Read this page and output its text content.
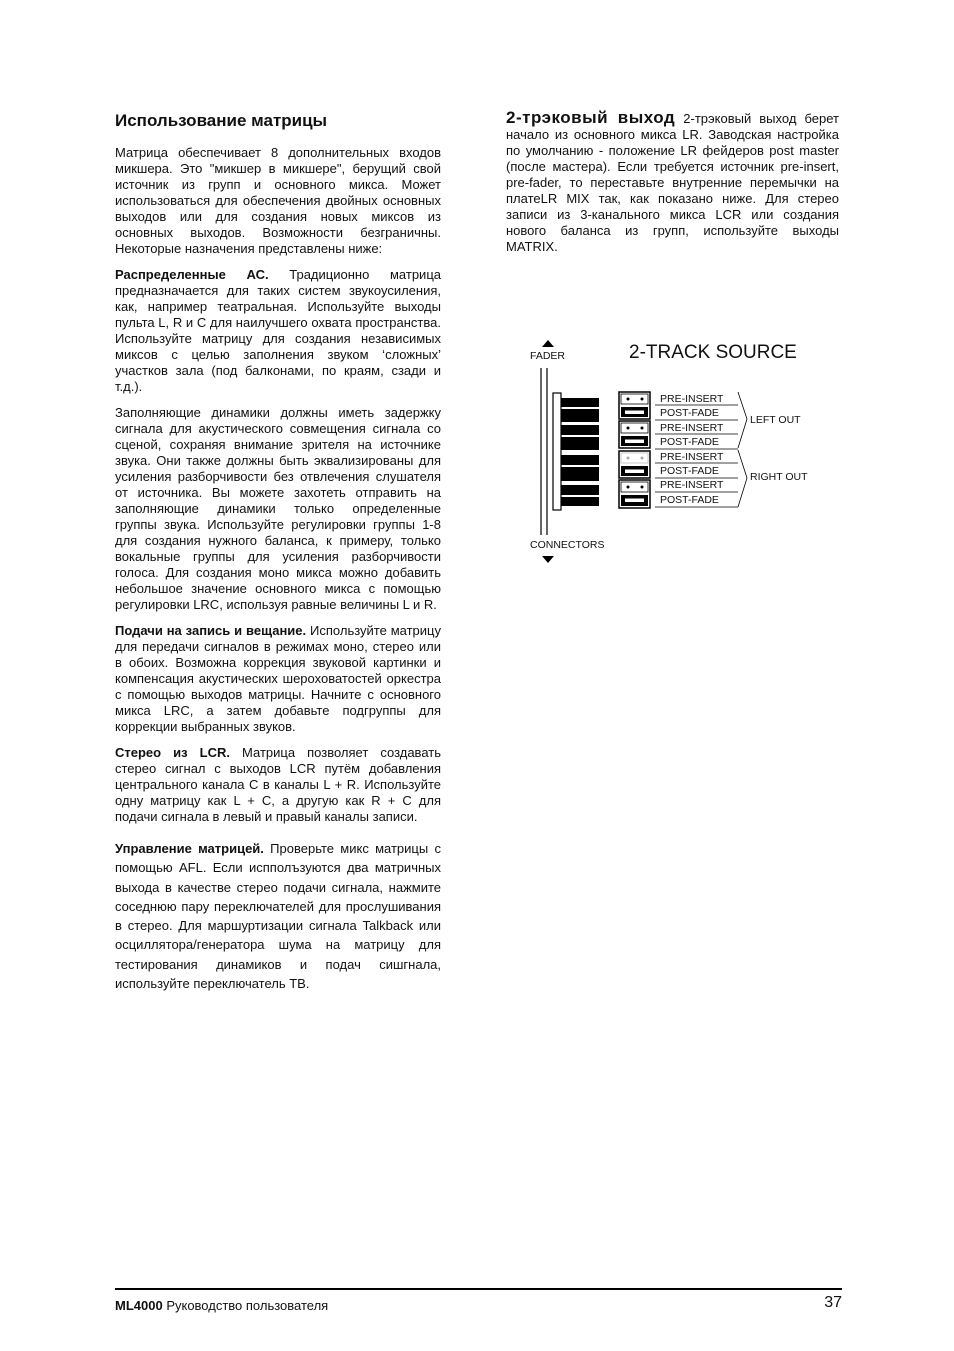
Использование матрицы

Матрица обеспечивает 8 дополнительных входов микшера. Это "микшер в микшере", берущий свой источник из групп и основного микса. Может использоваться для обеспечения двойных основных выходов или для создания новых миксов из основных выходов. Возможности безграничны. Некоторые назначения представлены ниже:

Распределенные АС. Традиционно матрица предназначается для таких систем звукоусиления, как, например театральная. Используйте выходы пульта L, R и C для наилучшего охвата пространства. Используйте матрицу для создания независимых миксов с целью заполнения звуком ‘сложных’ участков зала (под балконами, по краям, сзади и т.д.).

Заполняющие динамики должны иметь задержку сигнала для акустического совмещения сигнала со сценой, сохраняя внимание зрителя на источнике звука. Они также должны быть эквализированы для усиления разборчивости без отвлечения слушателя от источника. Вы можете захотеть отправить на заполняющие динамики только определенные группы звука. Используйте регулировки группы 1-8 для создания нужного баланса, к примеру, только вокальные группы для усиления разборчивости голоса. Для создания моно микса можно добавить небольшое значение основного микса с помощью регулировки LRC, используя равные величины L и R.

Подачи на запись и вещание. Используйте матрицу для передачи сигналов в режимах моно, стерео или в обоих. Возможна коррекция звуковой картинки и компенсация акустических шероховатостей оркестра с помощью выходов матрицы. Начните с основного микса LRC, а затем добавьте подгруппы для коррекции выбранных звуков.

Стерео из LCR. Матрица позволяет создавать стерео сигнал с выходов LCR путём добавления центрального канала C в каналы L + R. Используйте одну матрицу как L + C, а другую как R + C для подачи сигнала в левый и правый каналы записи.

Управление матрицей. Проверьте микс матрицы с помощью AFL. Если испполъзуются два матричных выхода в качестве стерео подачи сигнала, нажмите соседнюю пару переключателей для прослушивания в стерео. Для маршуртизации сигнала Talkback или осциллятора/генератора шума на матрицу для тестирования динамиков и подач сишгнала, используйте переключатель TB.

2-трэковый выход 2-трэковый выход берет начало из основного микса LR. Заводская настройка по умолчанию - положение LR фейдеров post master (после мастера). Если требуется источник pre-insert, pre-fader, то переставьте внутренние перемычки на платеLR MIX так, как показано ниже. Для стерео записи из 3-канального микса LCR или создания нового баланса из групп, используйте выходы MATRIX.

FADER	2-TRACK SOURCE
CONNECTORS
PRE-INSERT
POST-FADE
PRE-INSERT
POST-FADE
PRE-INSERT
POST-FADE
PRE-INSERT
POST-FADE
LEFT OUT
RIGHT OUT
ML4000 Руководство пользователя	37
